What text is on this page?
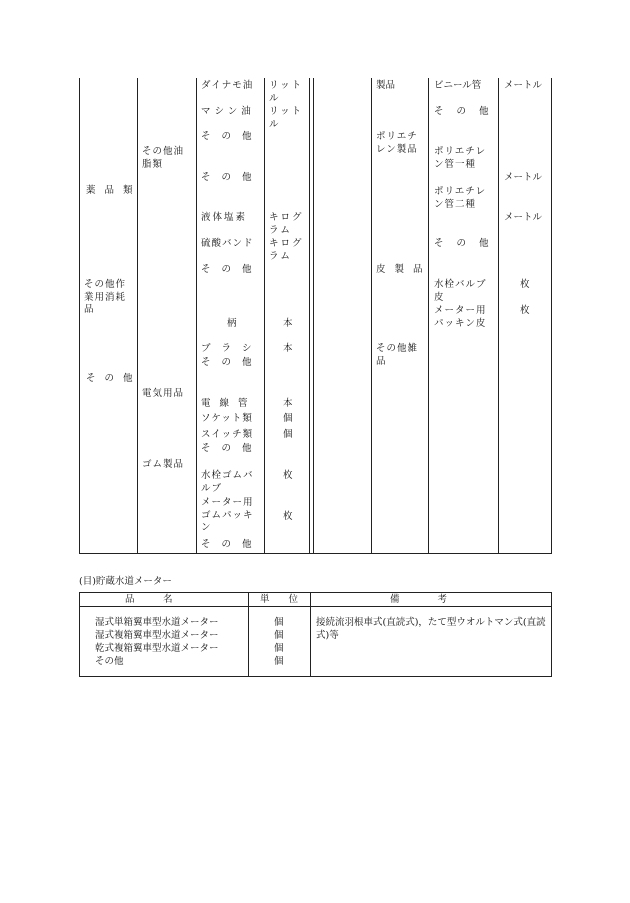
薬 品 類
その他作業用消耗品
そ の 他
その他油脂類
電気用品
ゴム製品
ダイナモ油
マシン油
そ の 他
そ の 他
液体塩素
硫酸バンド
そ の 他
柄
ブ ラ シ
そ の 他
電 線 管
ソケット類
スイッチ類
そ の 他
水栓ゴムバルブ
メーター用ゴムパッキン
そ の 他
リットル
リットル
キログラム
キログラム
本
本
本
個
個
枚
枚
製品
ポリエチレン製品
皮 製 品
その他雑品
ビニール管
そ の 他
ポリエチレン管一種
ポリエチレン管二種
そ の 他
水栓バルブ皮
メーター用パッキン皮
メートル
メートル
メートル
枚
枚
(目)貯蔵水道メーター
品　　　名	単　　位	備　　　　考
湿式単箱翼車型水道メーター
湿式複箱翼車型水道メーター
乾式複箱翼車型水道メーター
その他
個
個
個
個
接続流羽根車式(直読式)，たて型ウオルトマン式(直読式)等
